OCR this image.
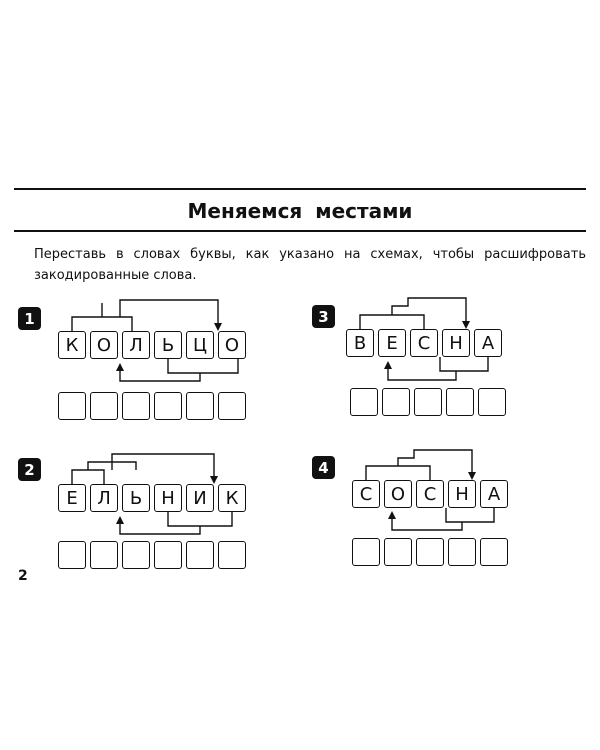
Меняемся местами

Переставь в словах буквы, как указано на схемах, чтобы расшифровать закодированные слова.

1
К	О	Л	Ь	Ц О
2
Е	Л	Ь	Н	И	К
3
В	Е	С	Н	А
4
С	О	С	Н	А
2
